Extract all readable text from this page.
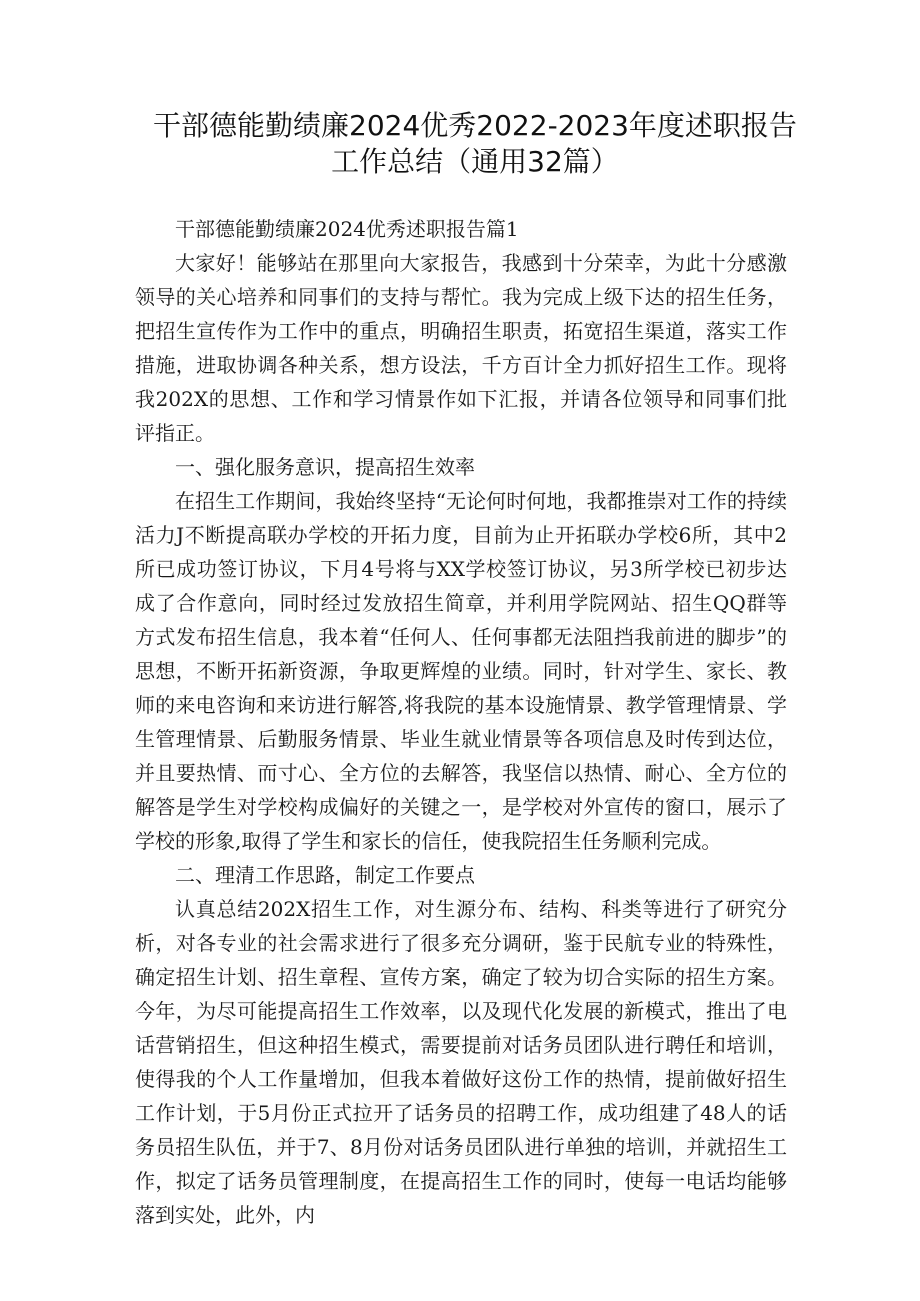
干部德能勤绩廉2024优秀2022-2023年度述职报告工作总结（通用32篇）

干部德能勤绩廉2024优秀述职报告篇1

大家好！能够站在那里向大家报告，我感到十分荣幸，为此十分感激领导的关心培养和同事们的支持与帮忙。我为完成上级下达的招生任务，把招生宣传作为工作中的重点，明确招生职责，拓宽招生渠道，落实工作措施，进取协调各种关系，想方设法，千方百计全力抓好招生工作。现将我202X的思想、工作和学习情景作如下汇报，并请各位领导和同事们批评指正。

一、强化服务意识，提高招生效率

在招生工作期间，我始终坚持“无论何时何地，我都推崇对工作的持续活力J不断提高联办学校的开拓力度，目前为止开拓联办学校6所，其中2所已成功签订协议，下月4号将与XX学校签订协议，另3所学校已初步达成了合作意向，同时经过发放招生简章，并利用学院网站、招生QQ群等方式发布招生信息，我本着“任何人、任何事都无法阻挡我前进的脚步”的思想，不断开拓新资源，争取更辉煌的业绩。同时，针对学生、家长、教师的来电咨询和来访进行解答,将我院的基本设施情景、教学管理情景、学生管理情景、后勤服务情景、毕业生就业情景等各项信息及时传到达位，并且要热情、而寸心、全方位的去解答，我坚信以热情、耐心、全方位的解答是学生对学校构成偏好的关键之一，是学校对外宣传的窗口，展示了学校的形象,取得了学生和家长的信任，使我院招生任务顺利完成。

二、理清工作思路，制定工作要点

认真总结202X招生工作，对生源分布、结构、科类等进行了研究分析，对各专业的社会需求进行了很多充分调研，鉴于民航专业的特殊性，确定招生计划、招生章程、宣传方案，确定了较为切合实际的招生方案。今年，为尽可能提高招生工作效率，以及现代化发展的新模式，推出了电话营销招生，但这种招生模式，需要提前对话务员团队进行聘任和培训，使得我的个人工作量增加，但我本着做好这份工作的热情，提前做好招生工作计划，于5月份正式拉开了话务员的招聘工作，成功组建了48人的话务员招生队伍，并于7、8月份对话务员团队进行单独的培训，并就招生工作，拟定了话务员管理制度，在提高招生工作的同时，使每一电话均能够落到实处，此外，内
